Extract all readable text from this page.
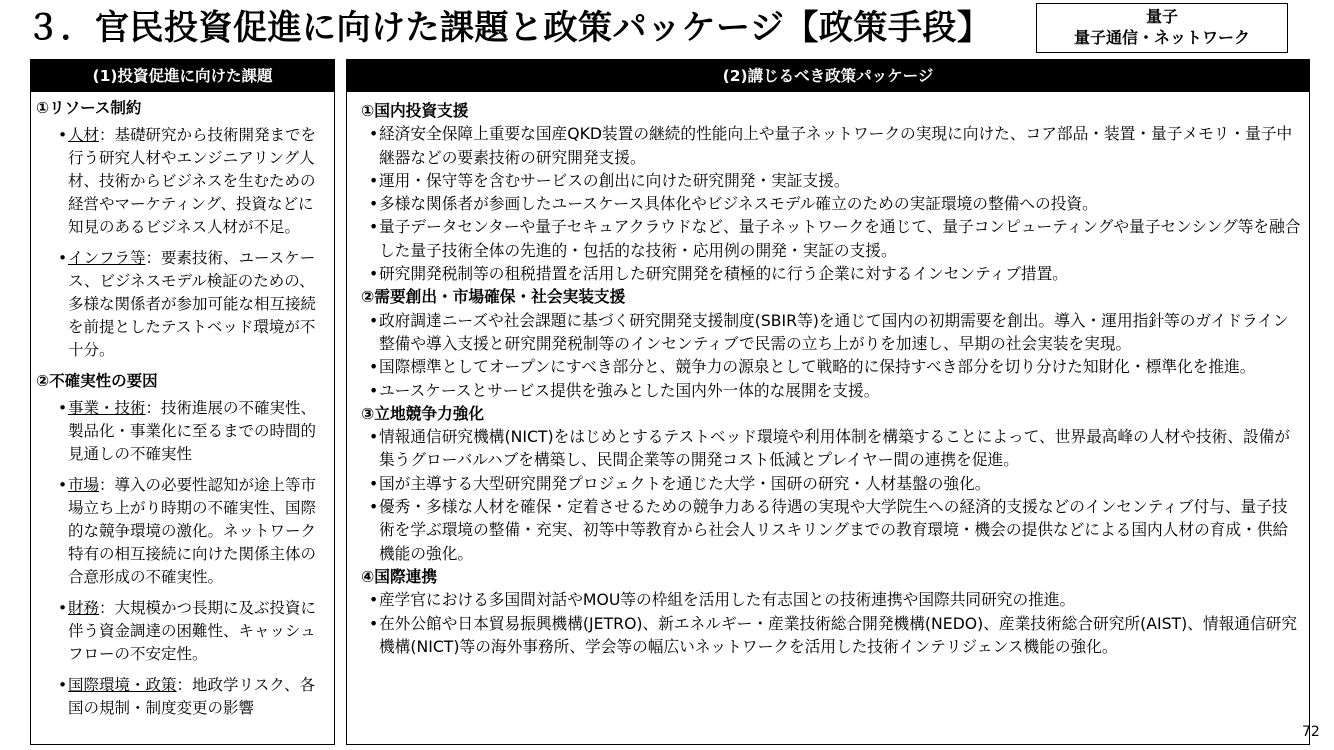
３．官民投資促進に向けた課題と政策パッケージ【政策手段】	量子
量子通信・ネットワーク
(1)投資促進に向けた課題
①リソース制約
• 人材：基礎研究から技術開発までを行う研究人材やエンジニアリング人材、技術からビジネスを生むための経営やマーケティング、投資などに知見のあるビジネス人材が不足。
• インフラ等：要素技術、ユースケース、ビジネスモデル検証のための、多様な関係者が参加可能な相互接続を前提としたテストベッド環境が不十分。
②不確実性の要因
• 事業・技術：技術進展の不確実性、製品化・事業化に至るまでの時間的見通しの不確実性
• 市場：導入の必要性認知が途上等市場立ち上がり時期の不確実性、国際的な競争環境の激化。ネットワーク特有の相互接続に向けた関係主体の合意形成の不確実性。
• 財務：大規模かつ長期に及ぶ投資に伴う資金調達の困難性、キャッシュフローの不安定性。
• 国際環境・政策：地政学リスク、各国の規制・制度変更の影響
(2)講じるべき政策パッケージ
①国内投資支援
• 経済安全保障上重要な国産QKD装置の継続的性能向上や量子ネットワークの実現に向けた、コア部品・装置・量子メモリ・量子中継器などの要素技術の研究開発支援。
• 運用・保守等を含むサービスの創出に向けた研究開発・実証支援。
• 多様な関係者が参画したユースケース具体化やビジネスモデル確立のための実証環境の整備への投資。
• 量子データセンターや量子セキュアクラウドなど、量子ネットワークを通じて、量子コンピューティングや量子センシング等を融合した量子技術全体の先進的・包括的な技術・応用例の開発・実証の支援。
• 研究開発税制等の租税措置を活用した研究開発を積極的に行う企業に対するインセンティブ措置。
②需要創出・市場確保・社会実装支援
• 政府調達ニーズや社会課題に基づく研究開発支援制度(SBIR等)を通じて国内の初期需要を創出。導入・運用指針等のガイドライン整備や導入支援と研究開発税制等のインセンティブで民需の立ち上がりを加速し、早期の社会実装を実現。
• 国際標準としてオープンにすべき部分と、競争力の源泉として戦略的に保持すべき部分を切り分けた知財化・標準化を推進。
• ユースケースとサービス提供を強みとした国内外一体的な展開を支援。
③立地競争力強化
• 情報通信研究機構(NICT)をはじめとするテストベッド環境や利用体制を構築することによって、世界最高峰の人材や技術、設備が集うグローバルハブを構築し、民間企業等の開発コスト低減とプレイヤー間の連携を促進。
• 国が主導する大型研究開発プロジェクトを通じた大学・国研の研究・人材基盤の強化。
• 優秀・多様な人材を確保・定着させるための競争力ある待遇の実現や大学院生への経済的支援などのインセンティブ付与、量子技術を学ぶ環境の整備・充実、初等中等教育から社会人リスキリングまでの教育環境・機会の提供などによる国内人材の育成・供給機能の強化。
④国際連携
• 産学官における多国間対話やMOU等の枠組を活用した有志国との技術連携や国際共同研究の推進。
• 在外公館や日本貿易振興機構(JETRO)、新エネルギー・産業技術総合開発機構(NEDO)、産業技術総合研究所(AIST)、情報通信研究機構(NICT)等の海外事務所、学会等の幅広いネットワークを活用した技術インテリジェンス機能の強化。
72
